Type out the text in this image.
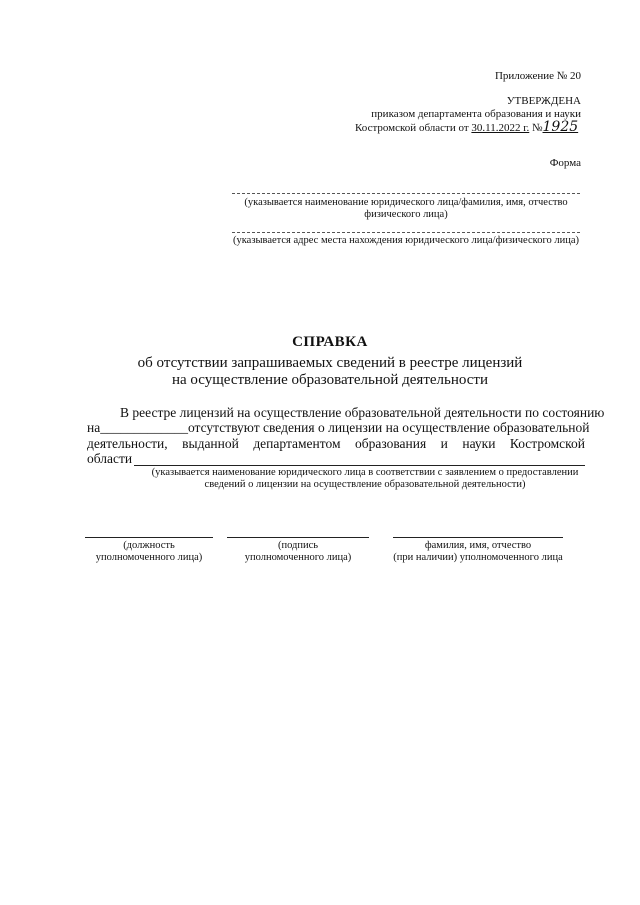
Приложение № 20
УТВЕРЖДЕНА
приказом департамента образования и науки
Костромской области от 30.11.2022 г. №1925
Форма
(указывается наименование юридического лица/фамилия, имя, отчество
физического лица)
(указывается адрес места нахождения юридического лица/физического лица)
СПРАВКА
об отсутствии запрашиваемых сведений в реестре лицензий
на осуществление образовательной деятельности
В реестре лицензий на осуществление образовательной деятельности по состоянию
на _____________ отсутствуют сведения о лицензии на осуществление образовательной
деятельности, выданной департаментом образования и науки Костромской
области
(указывается наименование юридического лица в соответствии с заявлением о предоставлении
сведений о лицензии на осуществление образовательной деятельности)
(должность
уполномоченного лица)
(подпись
уполномоченного лица)
фамилия, имя, отчество
(при наличии) уполномоченного лица
